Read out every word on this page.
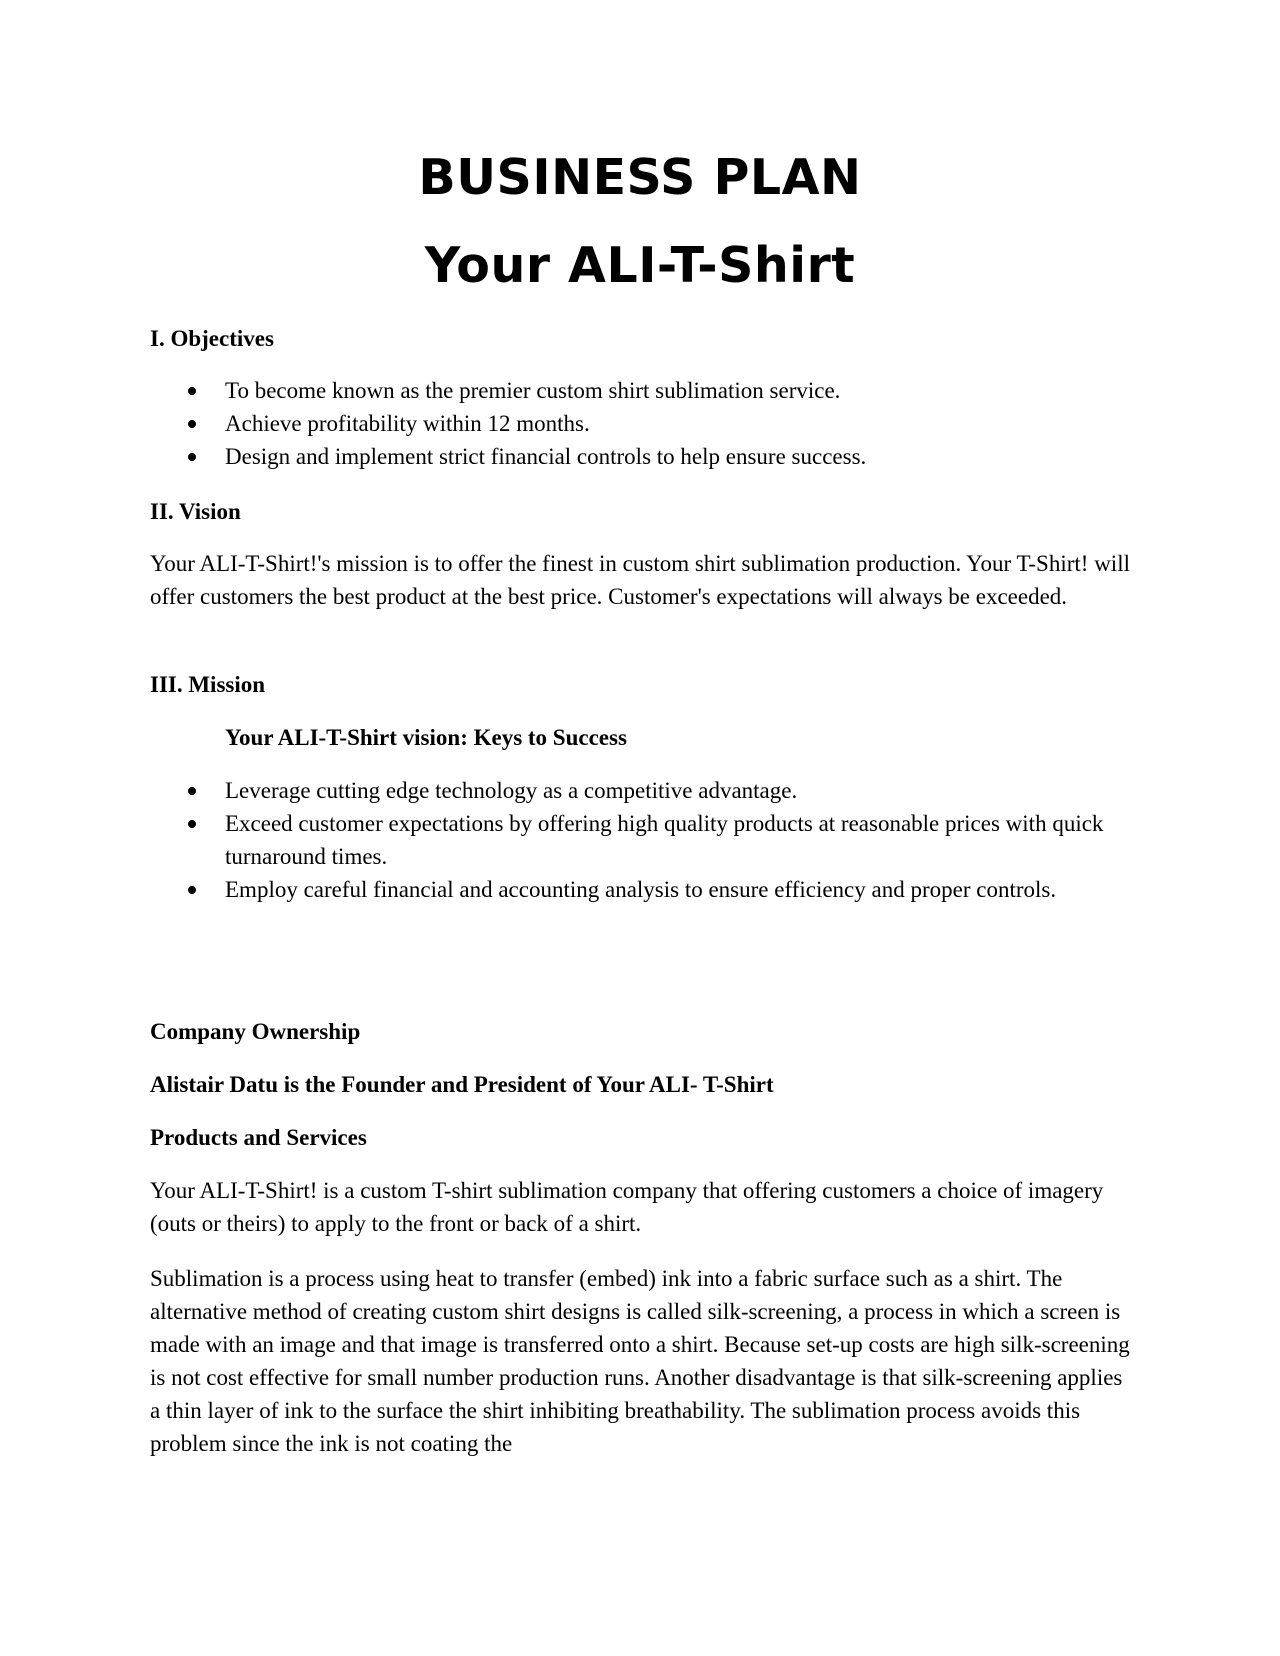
BUSINESS PLAN
Your ALI-T-Shirt
I. Objectives
To become known as the premier custom shirt sublimation service.
Achieve profitability within 12 months.
Design and implement strict financial controls to help ensure success.
II. Vision

Your ALI-T-Shirt!'s mission is to offer the finest in custom shirt sublimation production. Your T-Shirt! will offer customers the best product at the best price. Customer's expectations will always be exceeded.

III. Mission
Your ALI-T-Shirt vision: Keys to Success
Leverage cutting edge technology as a competitive advantage.
Exceed customer expectations by offering high quality products at reasonable prices with quick turnaround times.
Employ careful financial and accounting analysis to ensure efficiency and proper controls.
Company Ownership
Alistair Datu is the Founder and President of Your ALI- T-Shirt
Products and Services

Your ALI-T-Shirt! is a custom T-shirt sublimation company that offering customers a choice of imagery (outs or theirs) to apply to the front or back of a shirt.

Sublimation is a process using heat to transfer (embed) ink into a fabric surface such as a shirt. The alternative method of creating custom shirt designs is called silk-screening, a process in which a screen is made with an image and that image is transferred onto a shirt. Because set-up costs are high silk-screening is not cost effective for small number production runs. Another disadvantage is that silk-screening applies a thin layer of ink to the surface the shirt inhibiting breathability. The sublimation process avoids this problem since the ink is not coating the
